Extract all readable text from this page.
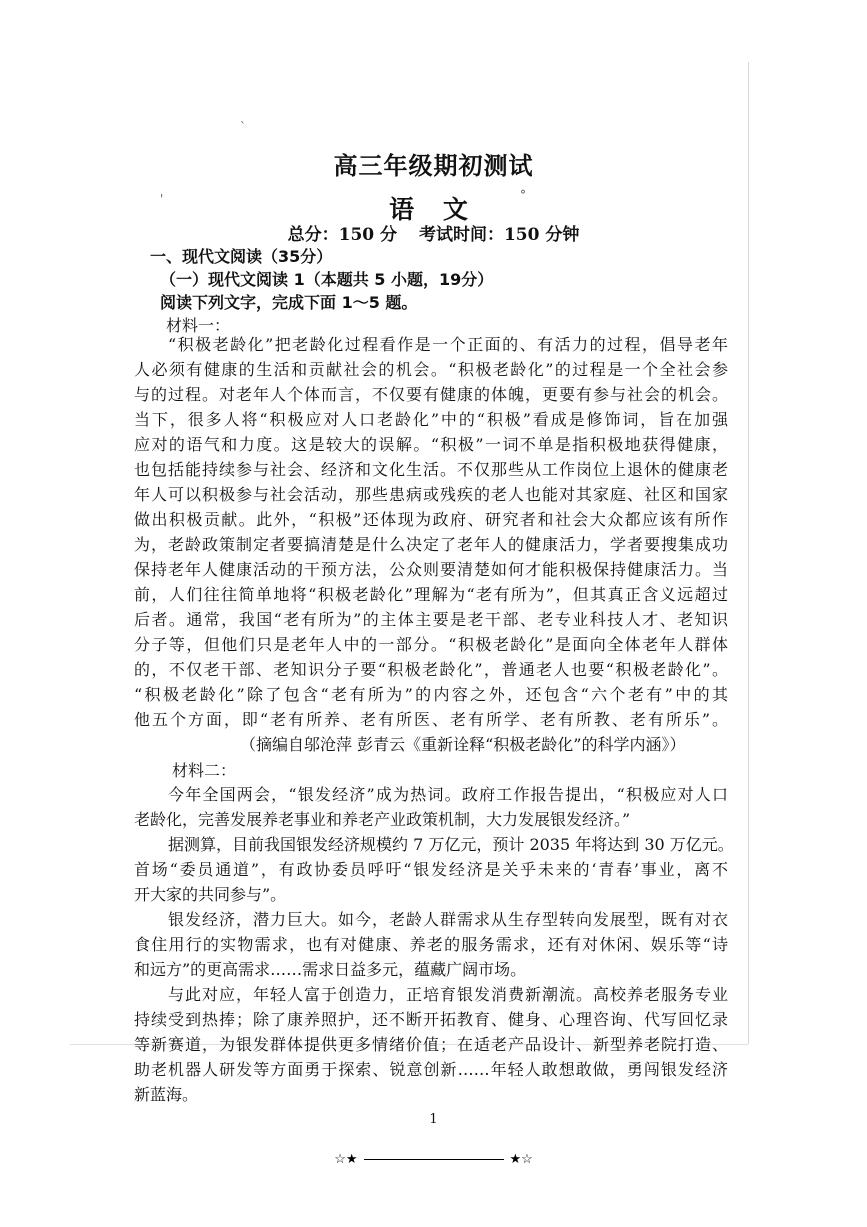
ˋ
'	°
高三年级期初测试
语 文
总分：150 分 考试时间：150 分钟
一、现代文阅读（35分）
（一）现代文阅读 1（本题共 5 小题，19分）
阅读下列文字，完成下面 1～5 题。
材料一：
“积极老龄化”把老龄化过程看作是一个正面的、有活力的过程，倡导老年
人必须有健康的生活和贡献社会的机会。“积极老龄化”的过程是一个全社会参
与的过程。对老年人个体而言，不仅要有健康的体魄，更要有参与社会的机会。
当下，很多人将“积极应对人口老龄化”中的“积极”看成是修饰词，旨在加强
应对的语气和力度。这是较大的误解。“积极”一词不单是指积极地获得健康，
也包括能持续参与社会、经济和文化生活。不仅那些从工作岗位上退休的健康老
年人可以积极参与社会活动，那些患病或残疾的老人也能对其家庭、社区和国家
做出积极贡献。此外，“积极”还体现为政府、研究者和社会大众都应该有所作
为，老龄政策制定者要搞清楚是什么决定了老年人的健康活力，学者要搜集成功
保持老年人健康活动的干预方法，公众则要清楚如何才能积极保持健康活力。当
前，人们往往简单地将“积极老龄化”理解为“老有所为”，但其真正含义远超过
后者。通常，我国“老有所为”的主体主要是老干部、老专业科技人才、老知识
分子等，但他们只是老年人中的一部分。“积极老龄化”是面向全体老年人群体
的，不仅老干部、老知识分子要“积极老龄化”，普通老人也要“积极老龄化”。
“积极老龄化”除了包含“老有所为”的内容之外，还包含“六个老有”中的其
他五个方面，即“老有所养、老有所医、老有所学、老有所教、老有所乐”。
（摘编自邬沧萍 彭青云《重新诠释“积极老龄化”的科学内涵》）
材料二：
今年全国两会，“银发经济”成为热词。政府工作报告提出，“积极应对人口
老龄化，完善发展养老事业和养老产业政策机制，大力发展银发经济。”
据测算，目前我国银发经济规模约 7 万亿元，预计 2035 年将达到 30 万亿元。
首场“委员通道”，有政协委员呼吁“银发经济是关乎未来的‘青春’事业，离不
开大家的共同参与”。
银发经济，潜力巨大。如今，老龄人群需求从生存型转向发展型，既有对衣
食住用行的实物需求，也有对健康、养老的服务需求，还有对休闲、娱乐等“诗
和远方”的更高需求……需求日益多元，蕴藏广阔市场。
与此对应，年轻人富于创造力，正培育银发消费新潮流。高校养老服务专业
持续受到热捧；除了康养照护，还不断开拓教育、健身、心理咨询、代写回忆录
等新赛道，为银发群体提供更多情绪价值；在适老产品设计、新型养老院打造、
助老机器人研发等方面勇于探索、锐意创新……年轻人敢想敢做，勇闯银发经济
新蓝海。
1
☆★	★☆
